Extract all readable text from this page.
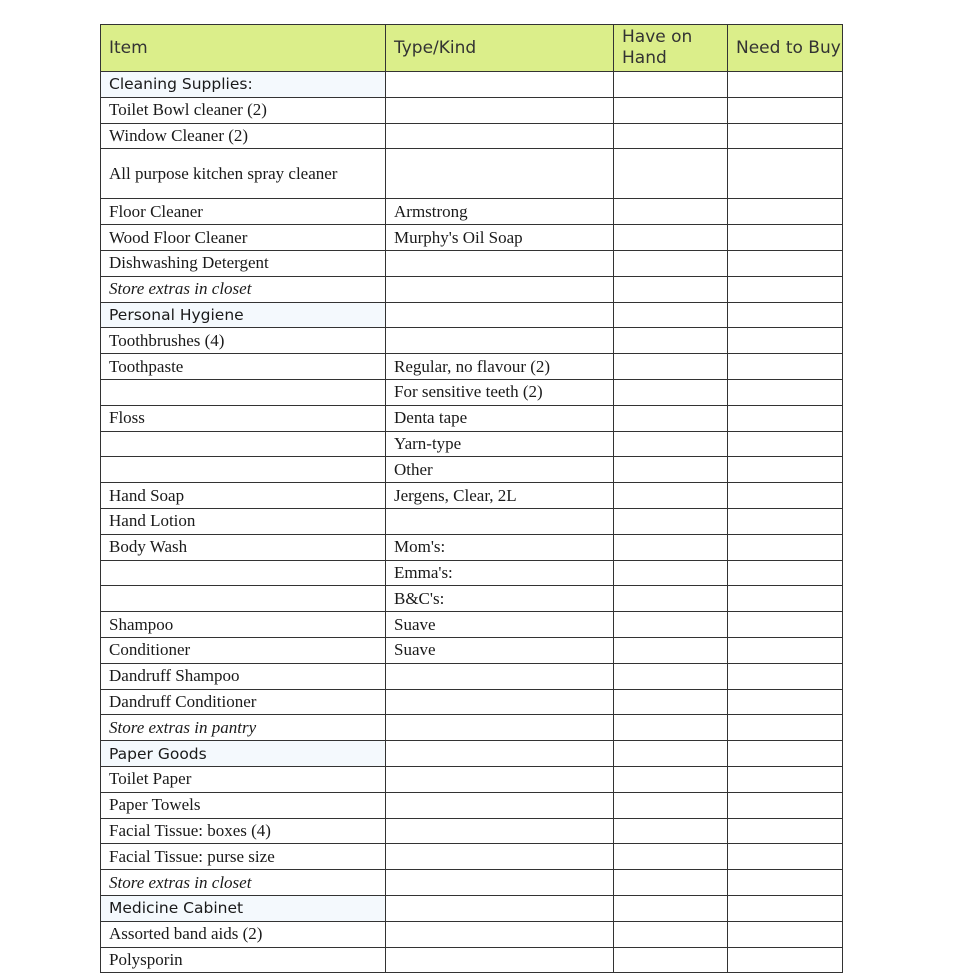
Item	Type/Kind	Have on Hand	Need to Buy
Cleaning Supplies:			
Toilet Bowl cleaner (2)			
Window Cleaner (2)			
All purpose kitchen spray cleaner			
Floor Cleaner	Armstrong		
Wood Floor Cleaner	Murphy's Oil Soap		
Dishwashing Detergent			
Store extras in closet			
Personal Hygiene			
Toothbrushes (4)			
Toothpaste	Regular, no flavour (2)		
	For sensitive teeth (2)		
Floss	Denta tape		
	Yarn-type		
	Other		
Hand Soap	Jergens, Clear, 2L		
Hand Lotion			
Body Wash	Mom's:		
	Emma's:		
	B&C's:		
Shampoo	Suave		
Conditioner	Suave		
Dandruff Shampoo			
Dandruff Conditioner			
Store extras in pantry			
Paper Goods			
Toilet Paper			
Paper Towels			
Facial Tissue: boxes (4)			
Facial Tissue: purse size			
Store extras in closet			
Medicine Cabinet			
Assorted band aids (2)			
Polysporin			
